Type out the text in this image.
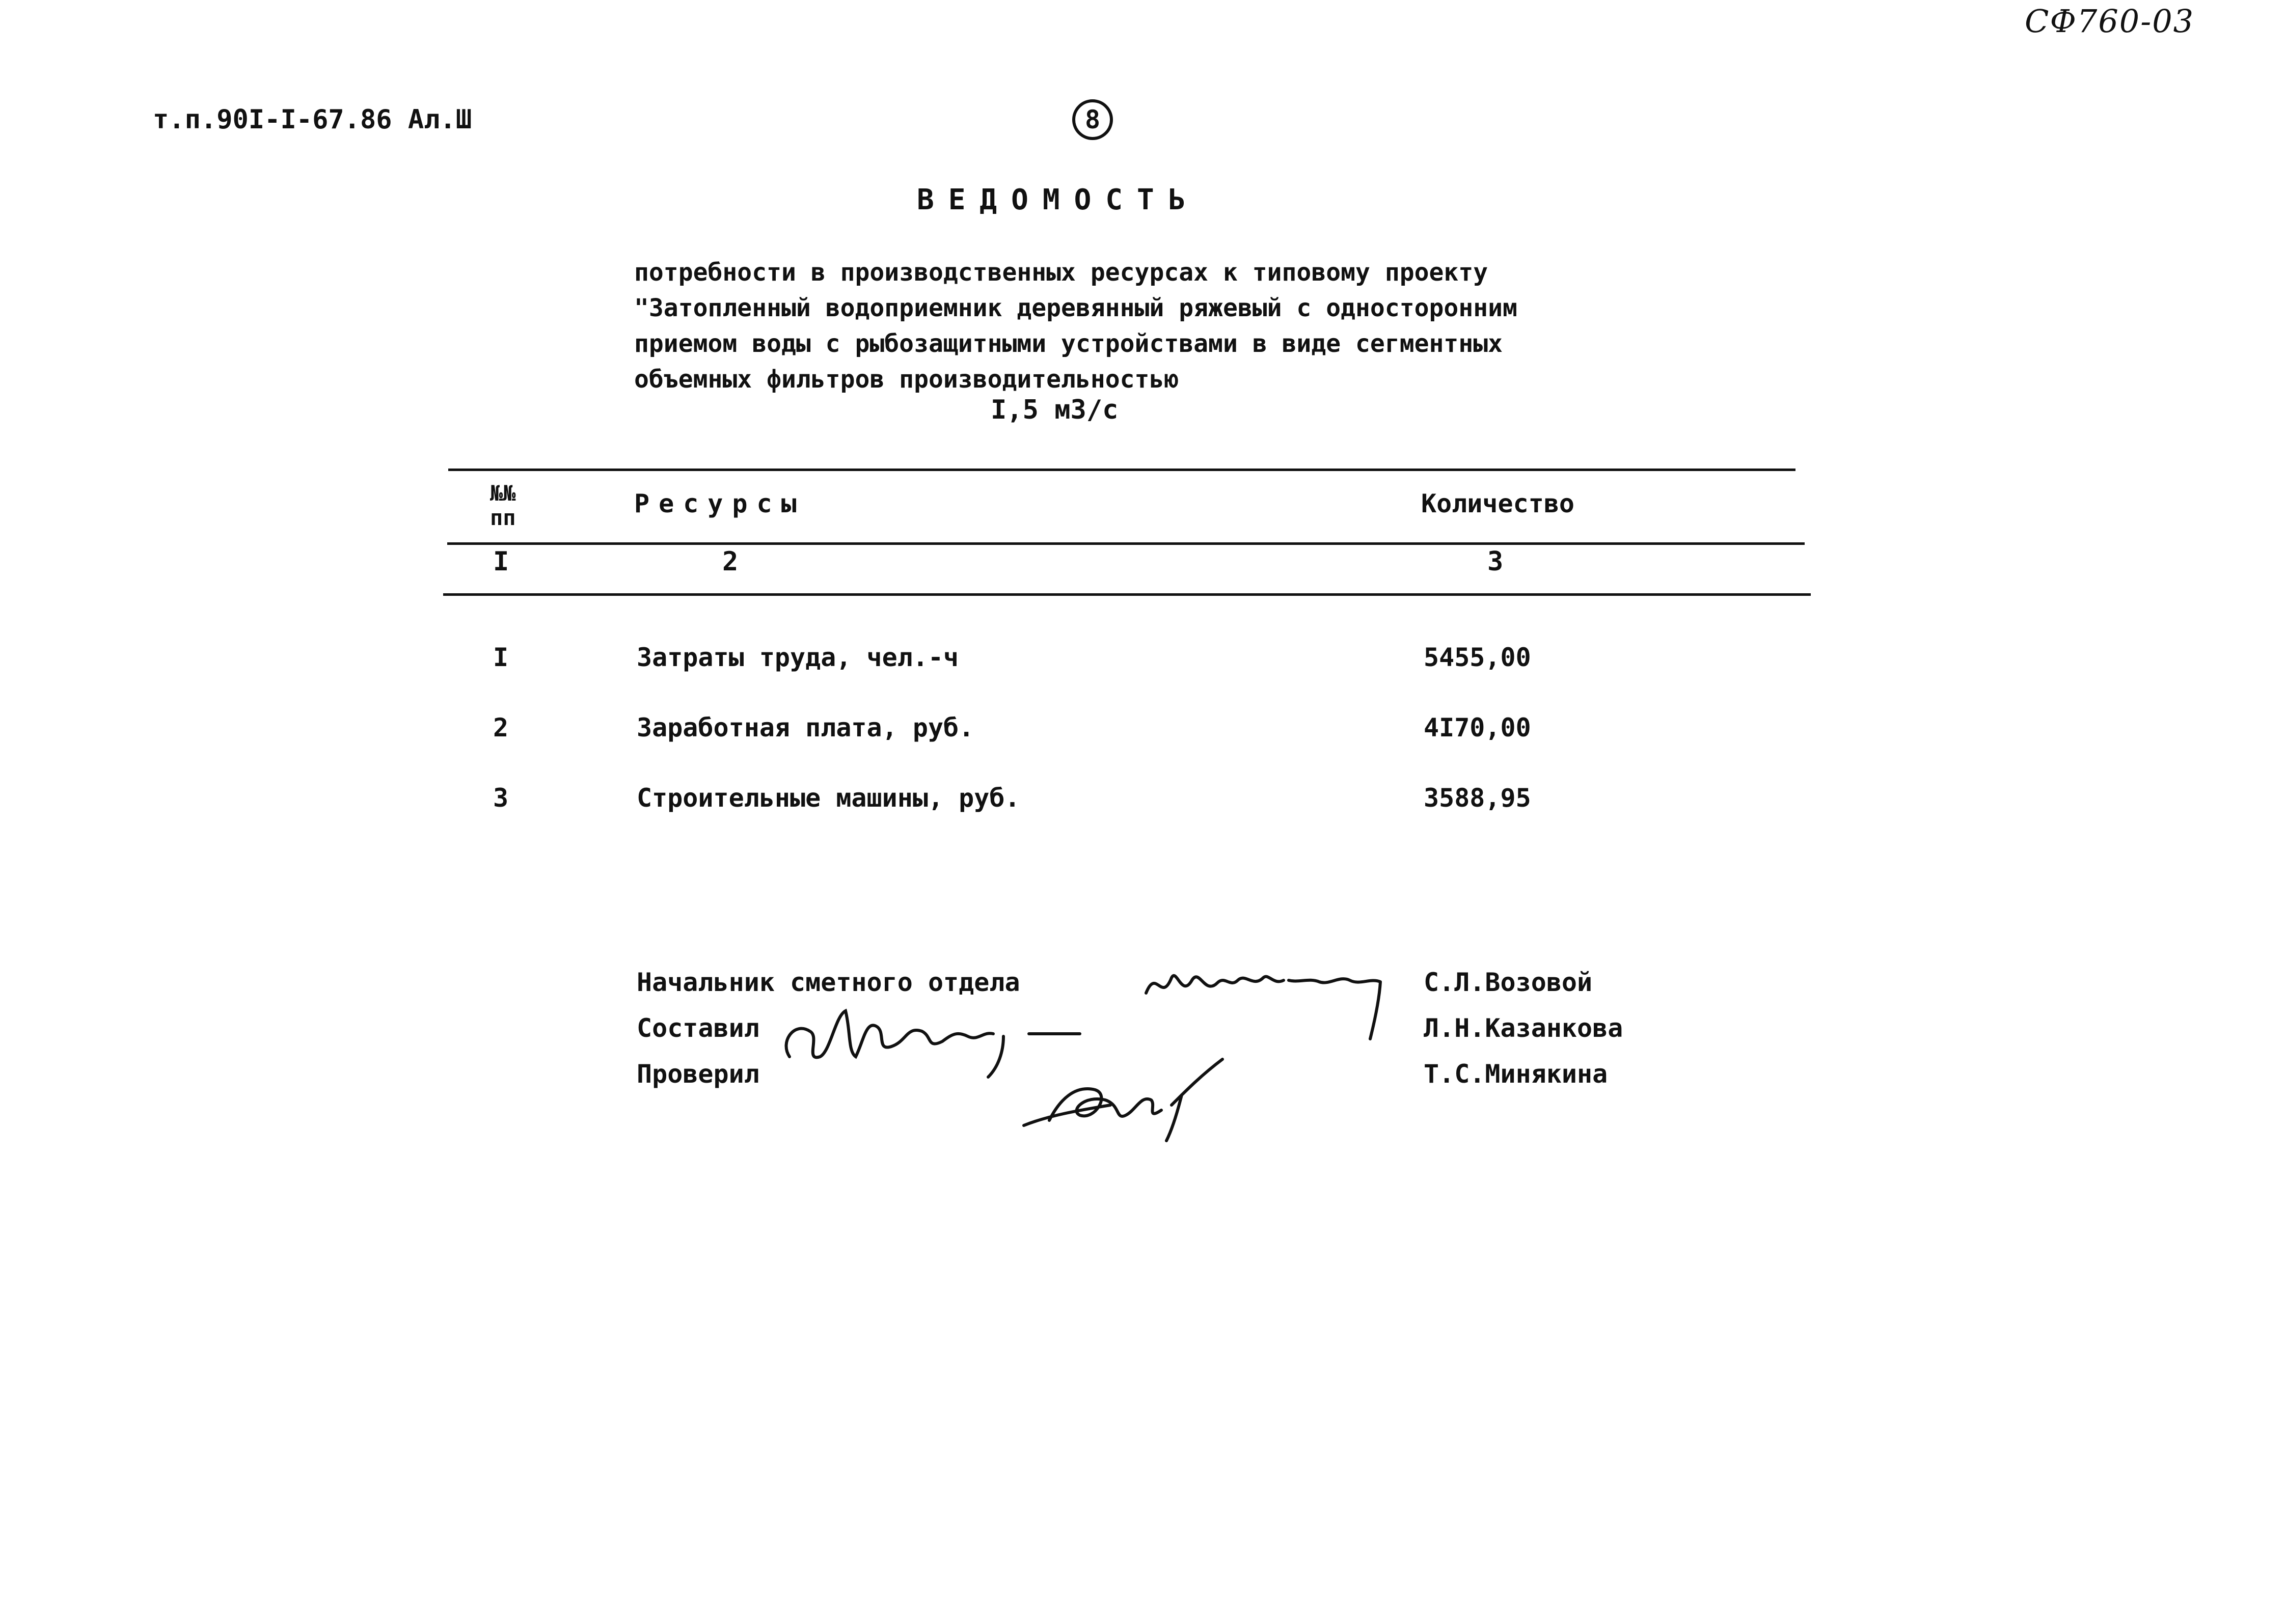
т.п.90I-I-67.86 Ал.Ш	8
СФ760-03
ВЕДОМОСТЬ
потребности в производственных ресурсах к типовому проекту
"Затопленный водоприемник деревянный ряжевый с односторонним
приемом воды с рыбозащитными устройствами в виде сегментных
объемных фильтров производительностью
I,5 м3/с
№№
пп	Ресурсы	Количество
I	2	3
I	Затраты труда, чел.-ч	5455,00
2	Заработная плата, руб.	4I70,00
3	Строительные машины, руб.	3588,95
Начальник сметного отдела	С.Л.Возовой
Составил	Л.Н.Казанкова
Проверил	Т.С.Минякина
